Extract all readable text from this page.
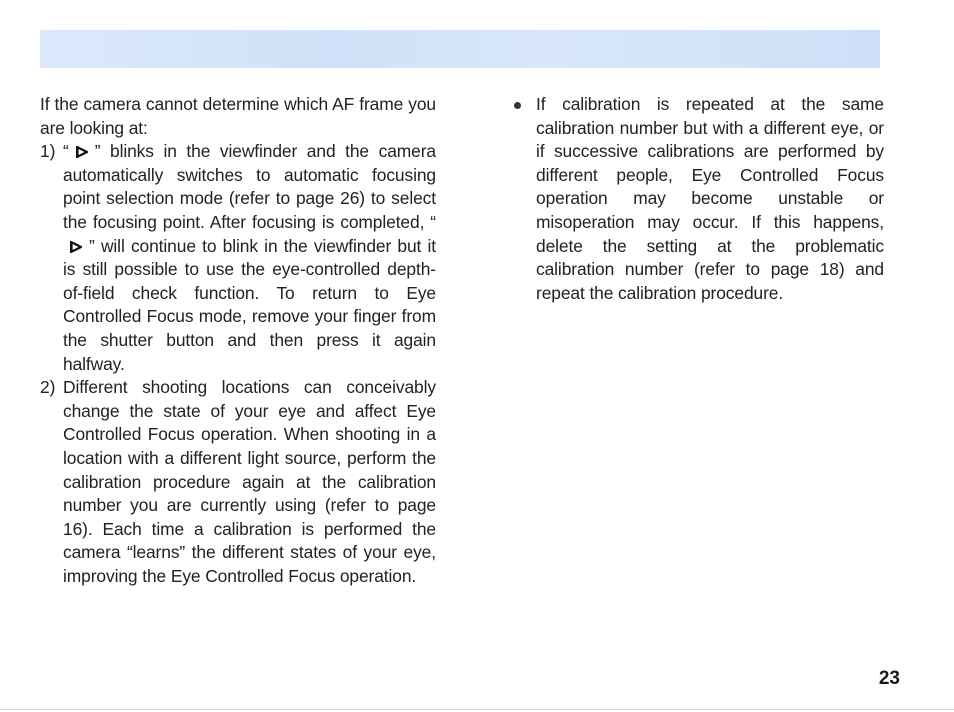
If the camera cannot determine which AF frame you are looking at:
1) “ ” blinks in the viewfinder and the camera automatically switches to automatic focusing point selection mode (refer to page 26) to select the focusing point. After focusing is completed, “” will continue to blink in the viewfinder but it is still possible to use the eye-controlled depth-of-field check function. To return to Eye Controlled Focus mode, remove your finger from the shutter button and then press it again halfway.
2) Different shooting locations can conceivably change the state of your eye and affect Eye Controlled Focus operation. When shooting in a location with a different light source, perform the calibration procedure again at the calibration number you are currently using (refer to page 16). Each time a calibration is performed the camera “learns” the different states of your eye, improving the Eye Controlled Focus operation.
If calibration is repeated at the same calibration number but with a different eye, or if successive calibrations are performed by different people, Eye Controlled Focus operation may become unstable or misoperation may occur. If this happens, delete the setting at the problematic calibration number (refer to page 18) and repeat the calibration procedure.
23
